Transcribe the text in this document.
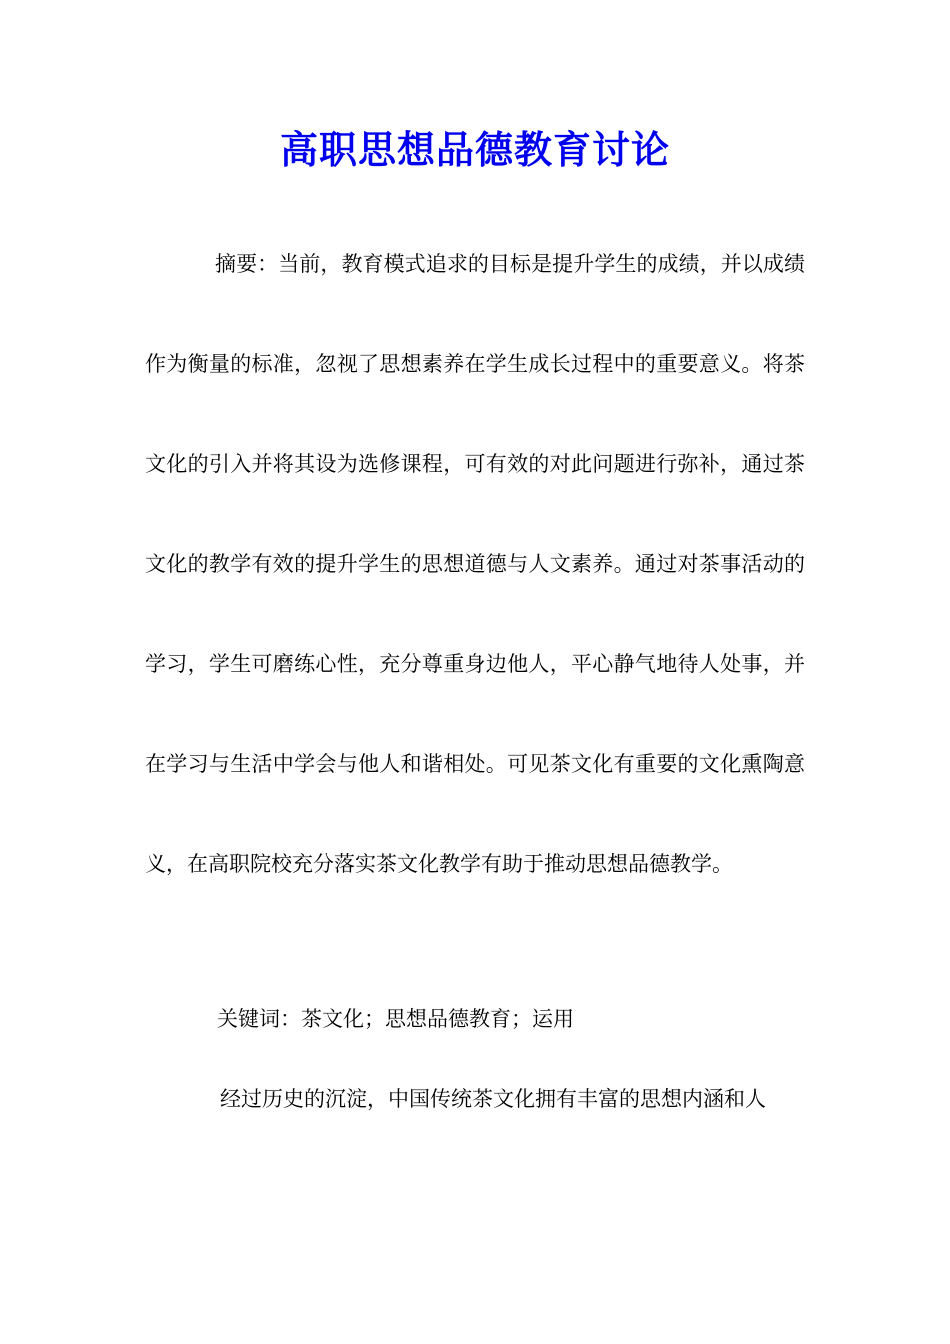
高职思想品德教育讨论

摘要：当前，教育模式追求的目标是提升学生的成绩，并以成绩作为衡量的标准，忽视了思想素养在学生成长过程中的重要意义。将茶文化的引入并将其设为选修课程，可有效的对此问题进行弥补，通过茶文化的教学有效的提升学生的思想道德与人文素养。通过对茶事活动的学习，学生可磨练心性，充分尊重身边他人，平心静气地待人处事，并在学习与生活中学会与他人和谐相处。可见茶文化有重要的文化熏陶意义，在高职院校充分落实茶文化教学有助于推动思想品德教学。

关键词：茶文化；思想品德教育；运用

经过历史的沉淀，中国传统茶文化拥有丰富的思想内涵和人
